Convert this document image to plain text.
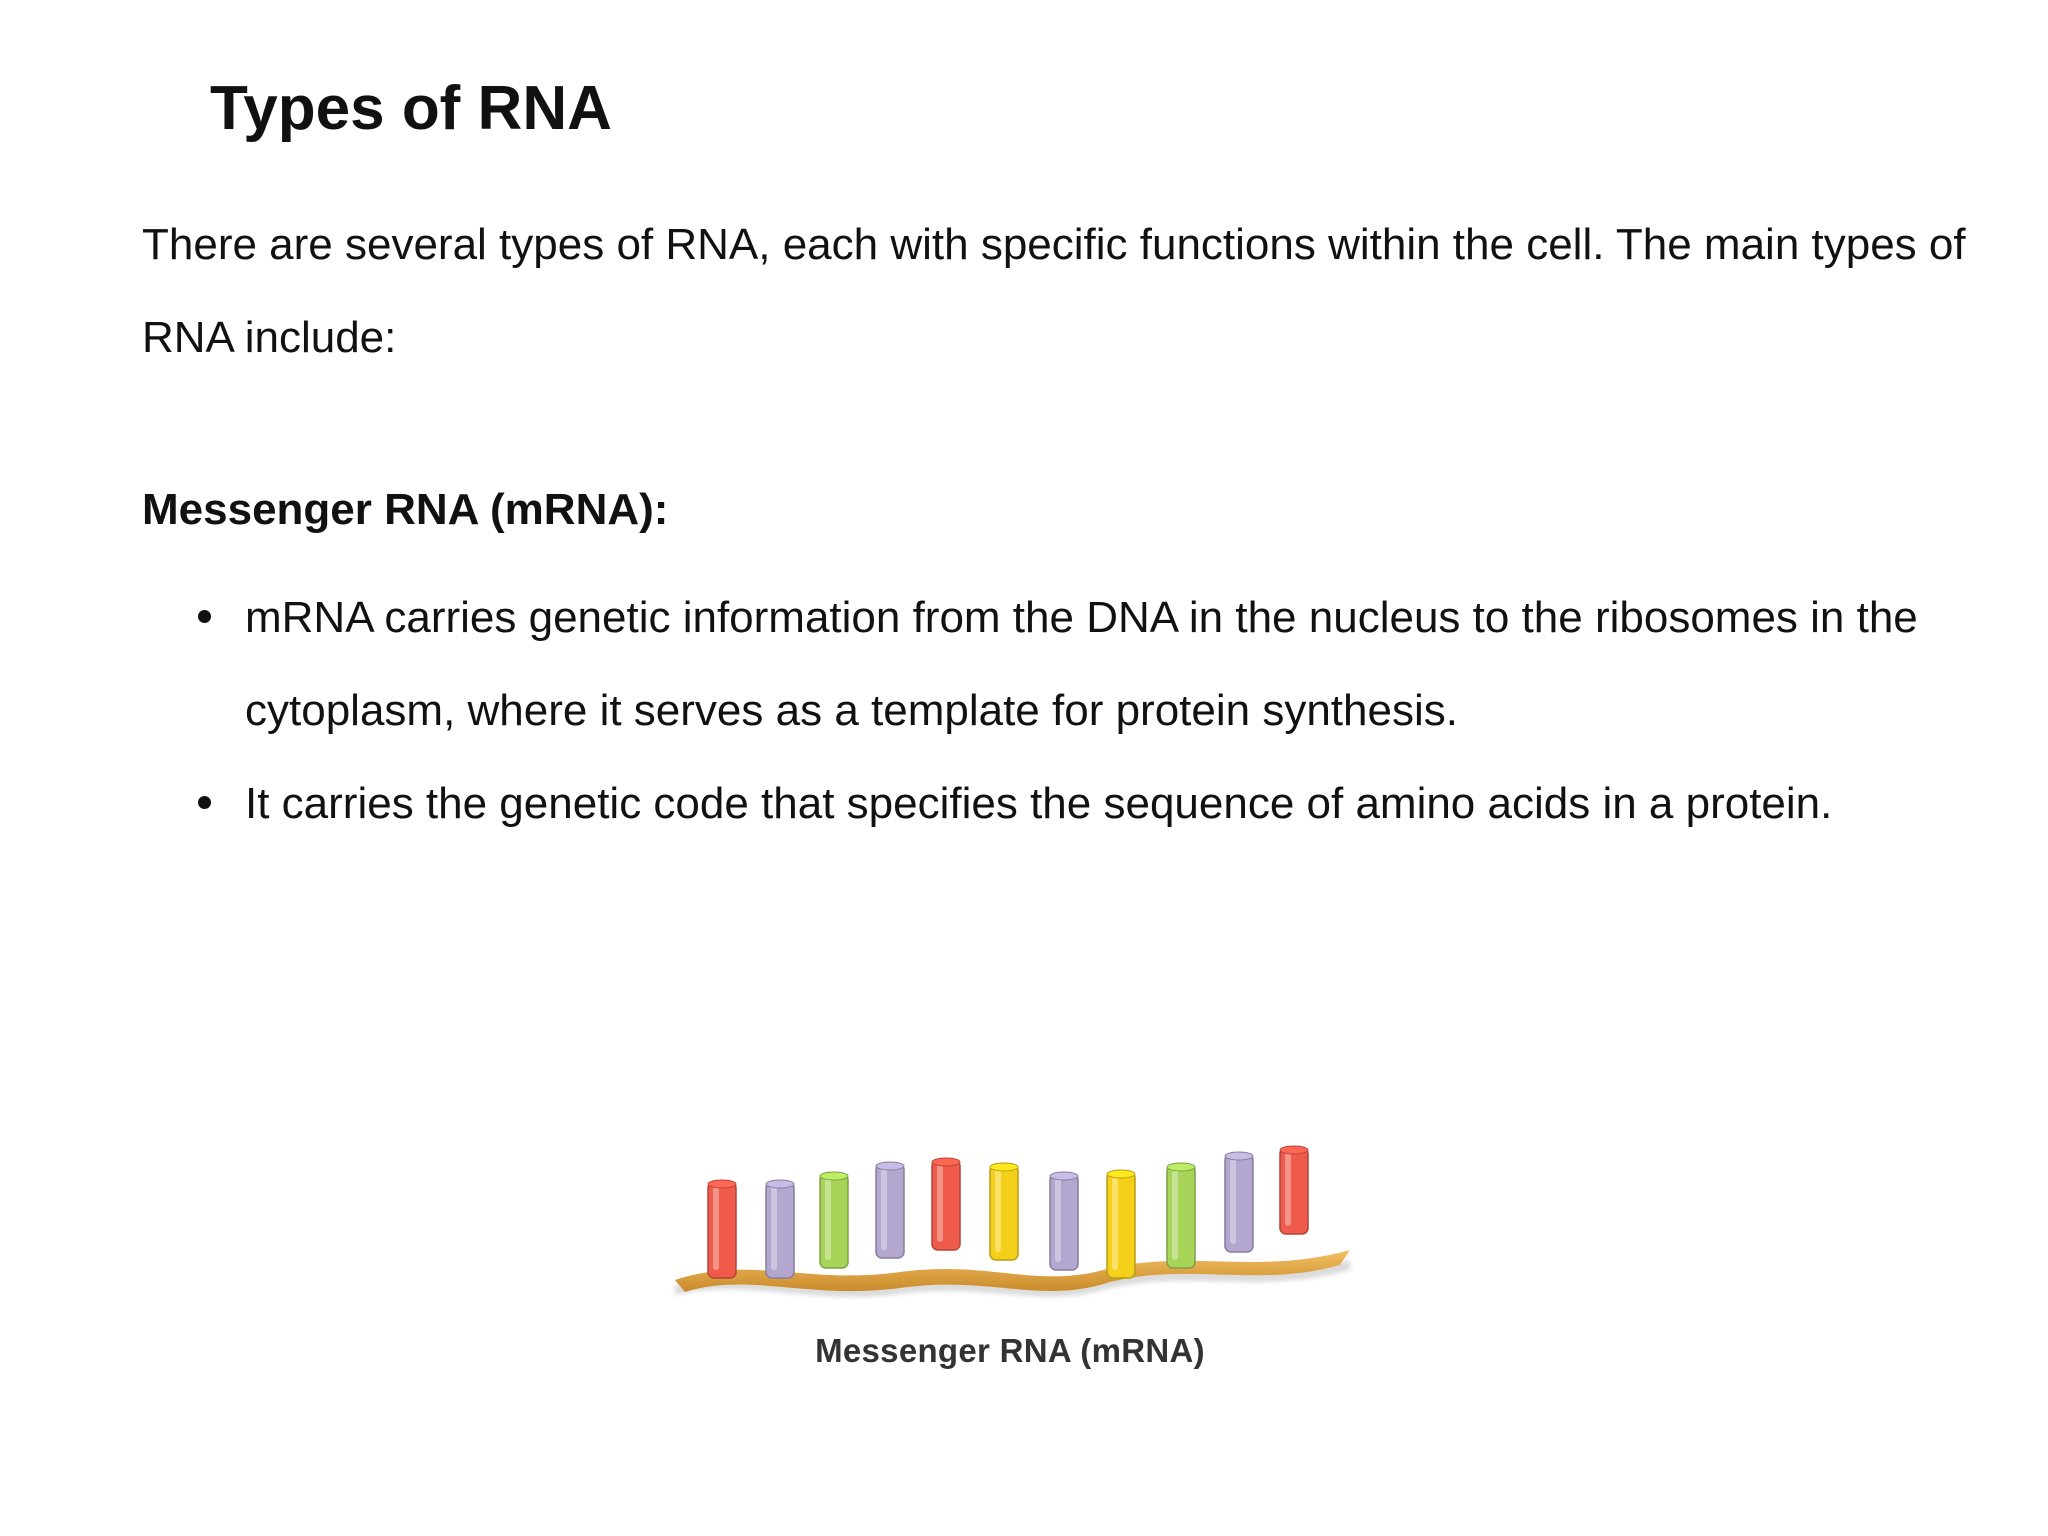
Types of RNA

There are several types of RNA, each with specific functions within the cell. The main types of RNA include:

Messenger RNA (mRNA):
mRNA carries genetic information from the DNA in the nucleus to the ribosomes in the cytoplasm, where it serves as a template for protein synthesis.
It carries the genetic code that specifies the sequence of amino acids in a protein.
Messenger RNA (mRNA)
